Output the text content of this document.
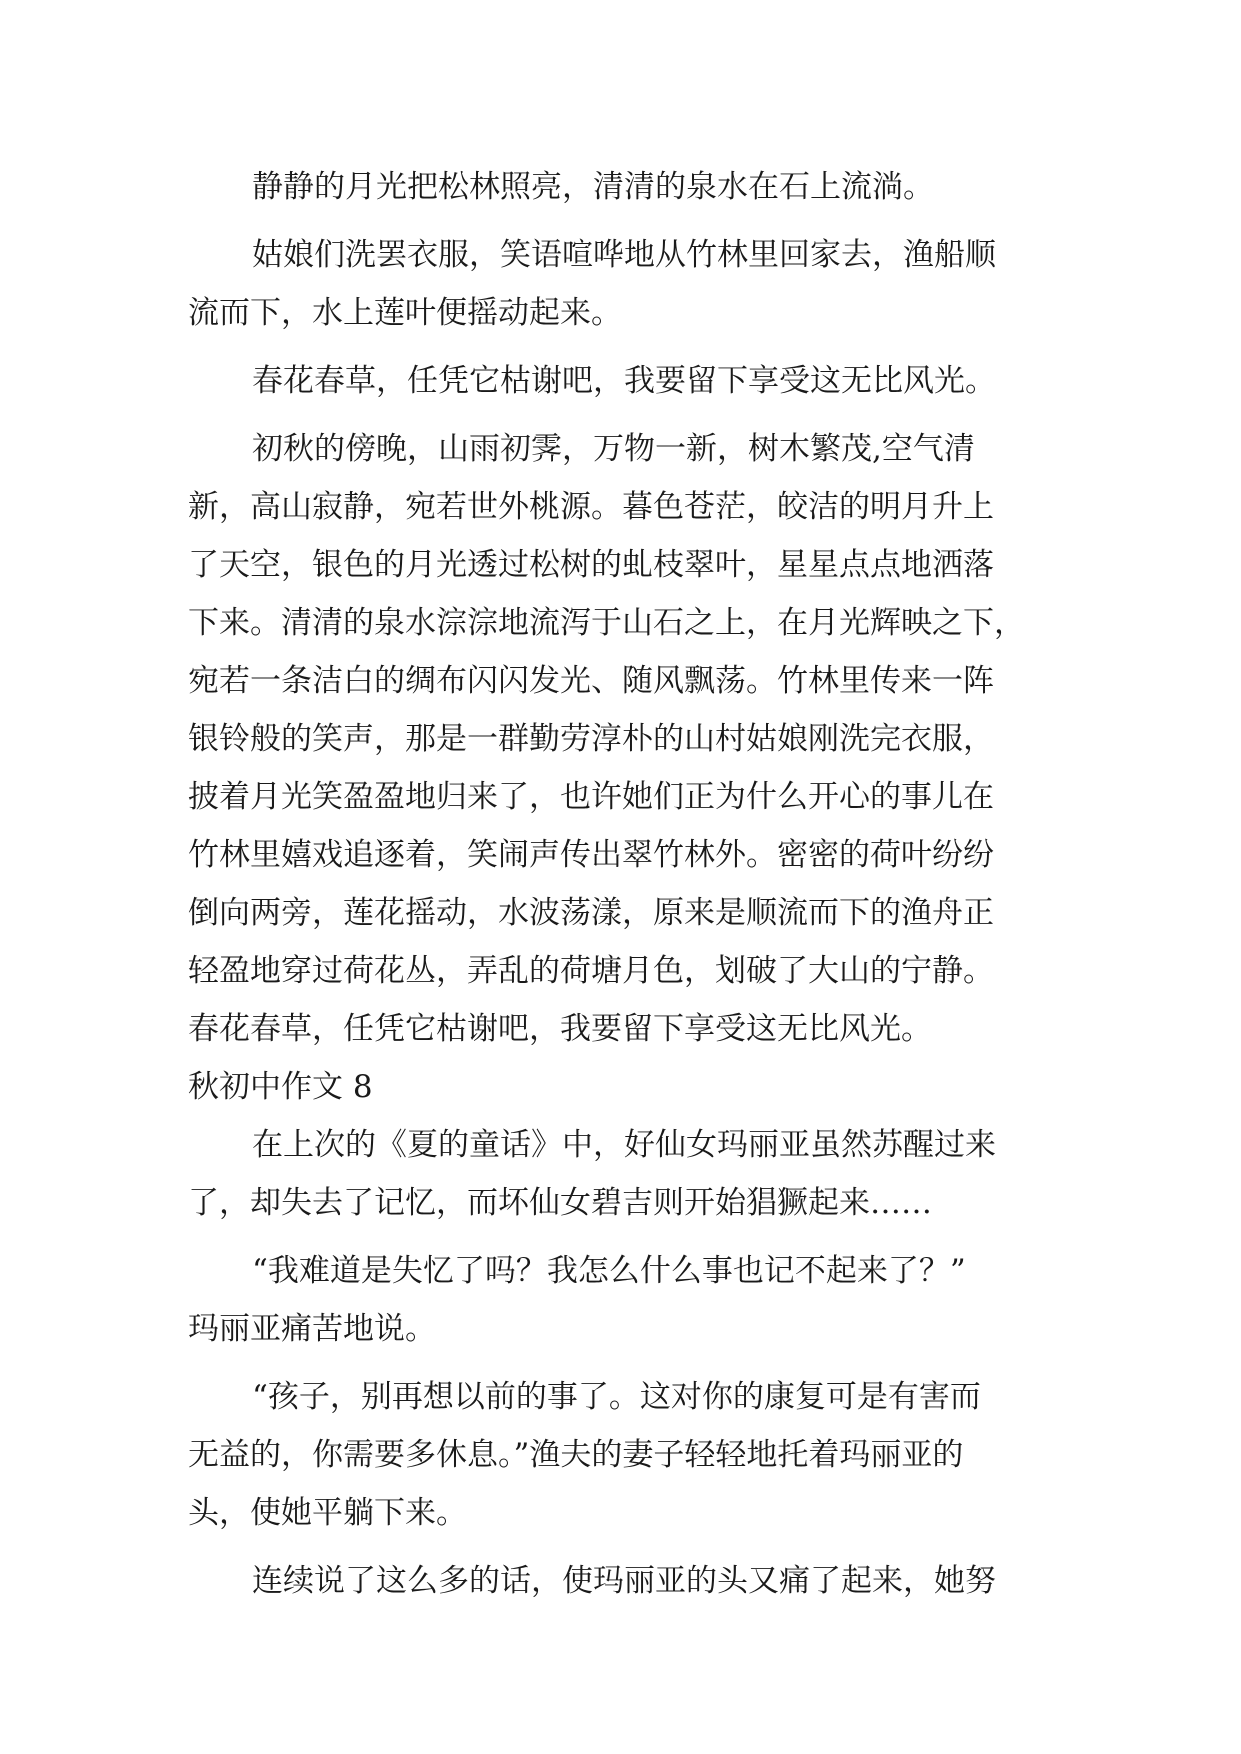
静静的月光把松林照亮，清清的泉水在石上流淌。
姑娘们洗罢衣服，笑语喧哗地从竹林里回家去，渔船顺
流而下，水上莲叶便摇动起来。
春花春草，任凭它枯谢吧，我要留下享受这无比风光。
初秋的傍晚，山雨初霁，万物一新，树木繁茂,空气清
新，高山寂静，宛若世外桃源。暮色苍茫，皎洁的明月升上
了天空，银色的月光透过松树的虬枝翠叶，星星点点地洒落
下来。清清的泉水淙淙地流泻于山石之上，在月光辉映之下，
宛若一条洁白的绸布闪闪发光、随风飘荡。竹林里传来一阵
银铃般的笑声，那是一群勤劳淳朴的山村姑娘刚洗完衣服，
披着月光笑盈盈地归来了，也许她们正为什么开心的事儿在
竹林里嬉戏追逐着，笑闹声传出翠竹林外。密密的荷叶纷纷
倒向两旁，莲花摇动，水波荡漾，原来是顺流而下的渔舟正
轻盈地穿过荷花丛，弄乱的荷塘月色，划破了大山的宁静。
春花春草，任凭它枯谢吧，我要留下享受这无比风光。
秋初中作文 8
在上次的《夏的童话》中，好仙女玛丽亚虽然苏醒过来
了，却失去了记忆，而坏仙女碧吉则开始猖獗起来……
“我难道是失忆了吗？我怎么什么事也记不起来了？”
玛丽亚痛苦地说。
“孩子，别再想以前的事了。这对你的康复可是有害而
无益的，你需要多休息。”渔夫的妻子轻轻地托着玛丽亚的
头，使她平躺下来。
连续说了这么多的话，使玛丽亚的头又痛了起来，她努
